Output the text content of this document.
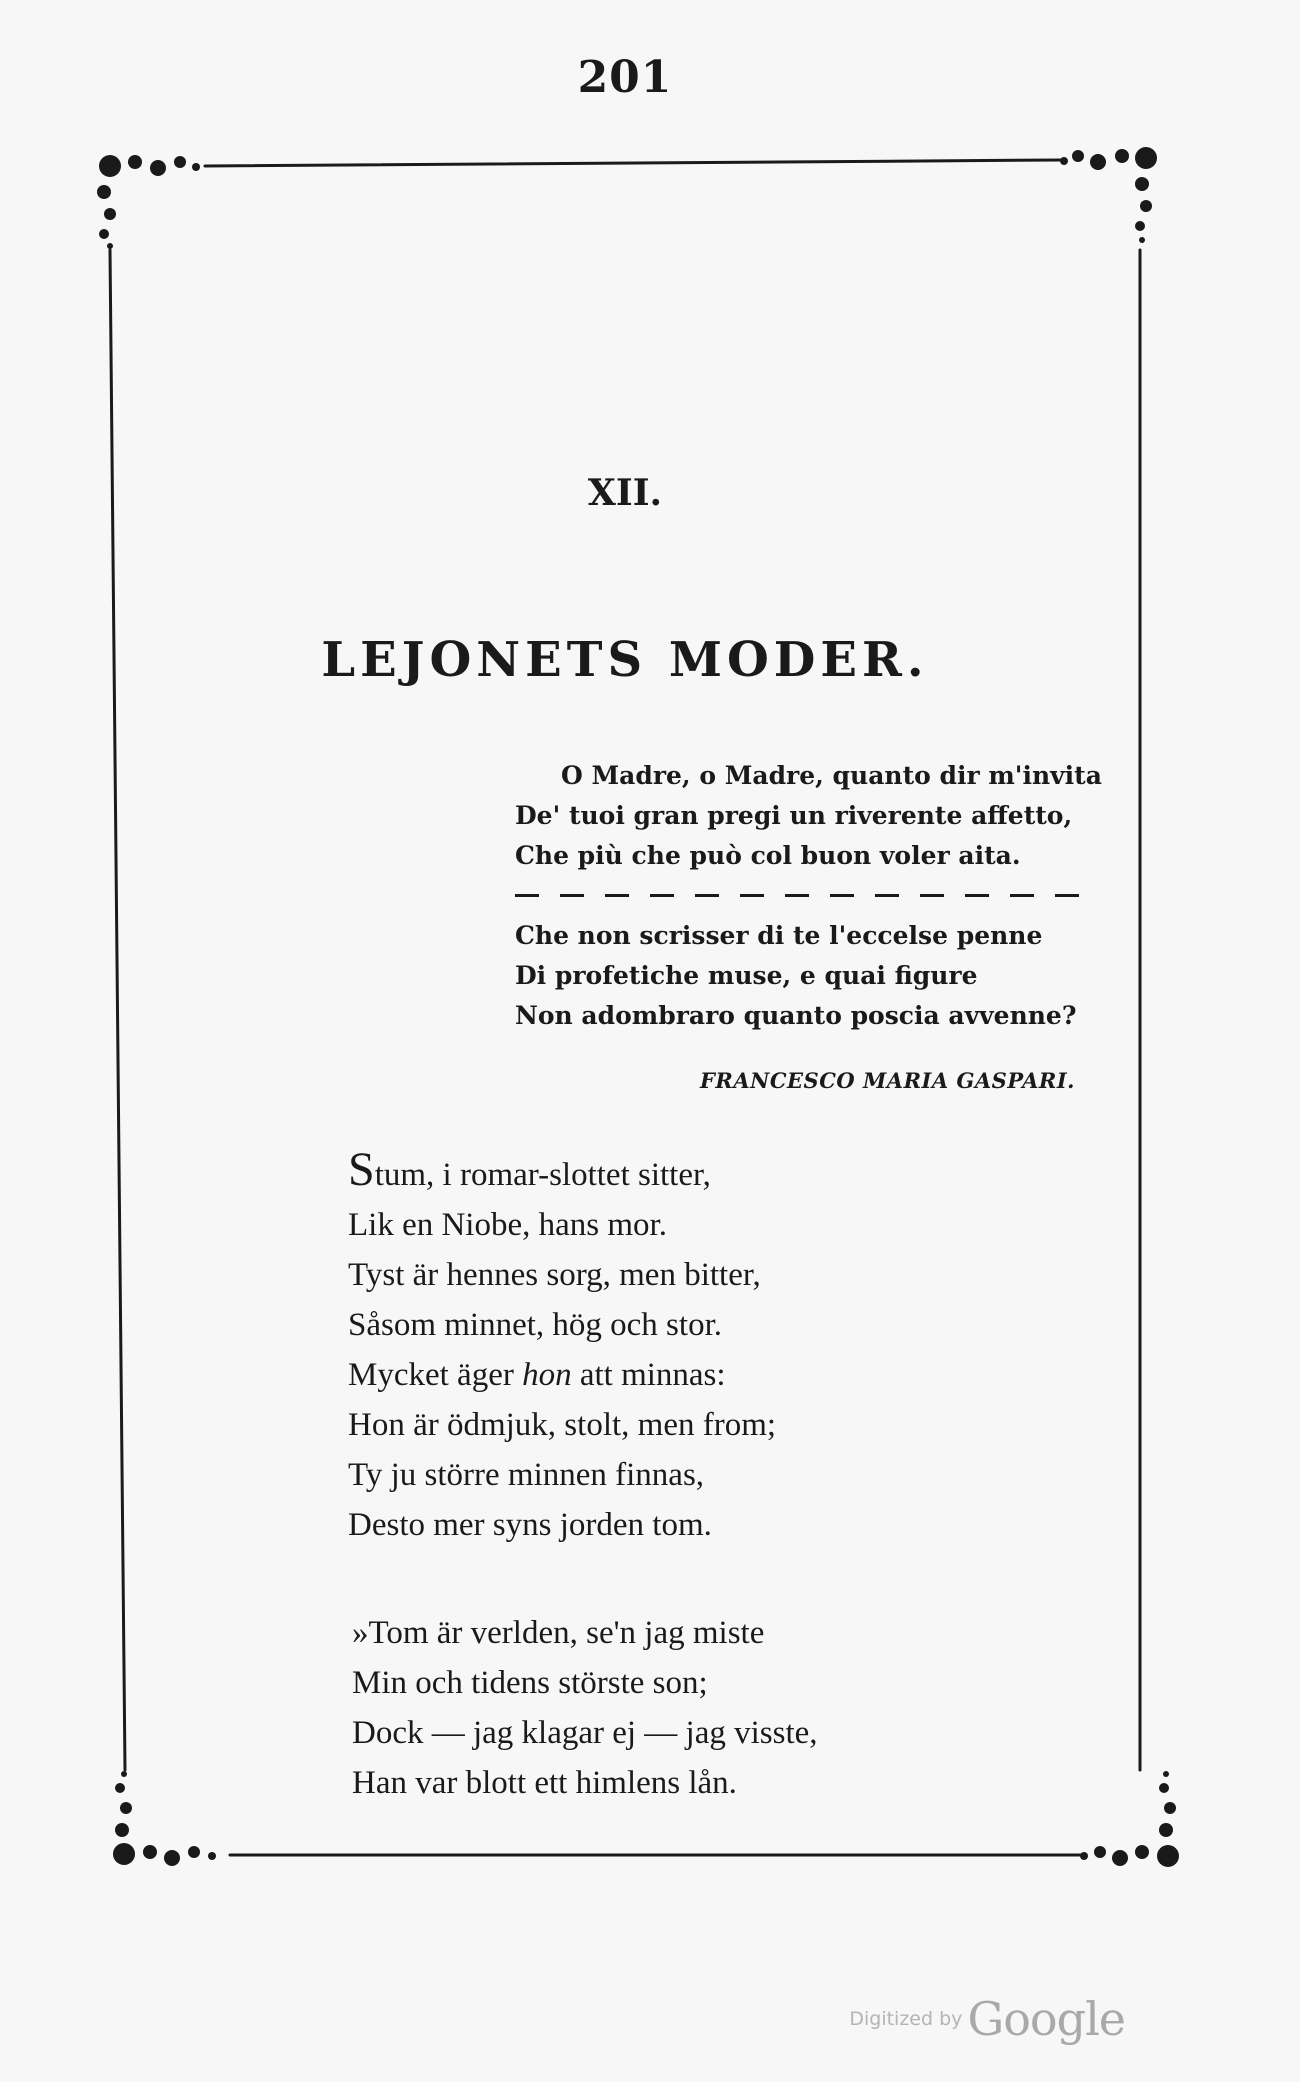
201
XII.
LEJONETS MODER.
O Madre, o Madre, quanto dir m'invita
De' tuoi gran pregi un riverente affetto,
Che più che può col buon voler aita.
Che non scrisser di te l'eccelse penne
Di profetiche muse, e quai figure
Non adombraro quanto poscia avvenne?
FRANCESCO MARIA GASPARI.
Stum, i romar-slottet sitter,
Lik en Niobe, hans mor.
Tyst är hennes sorg, men bitter,
Såsom minnet, hög och stor.
Mycket äger hon att minnas:
Hon är ödmjuk, stolt, men from;
Ty ju större minnen finnas,
Desto mer syns jorden tom.
»Tom är verlden, se'n jag miste
Min och tidens störste son;
Dock — jag klagar ej — jag visste,
Han var blott ett himlens lån.
Digitized by Google
